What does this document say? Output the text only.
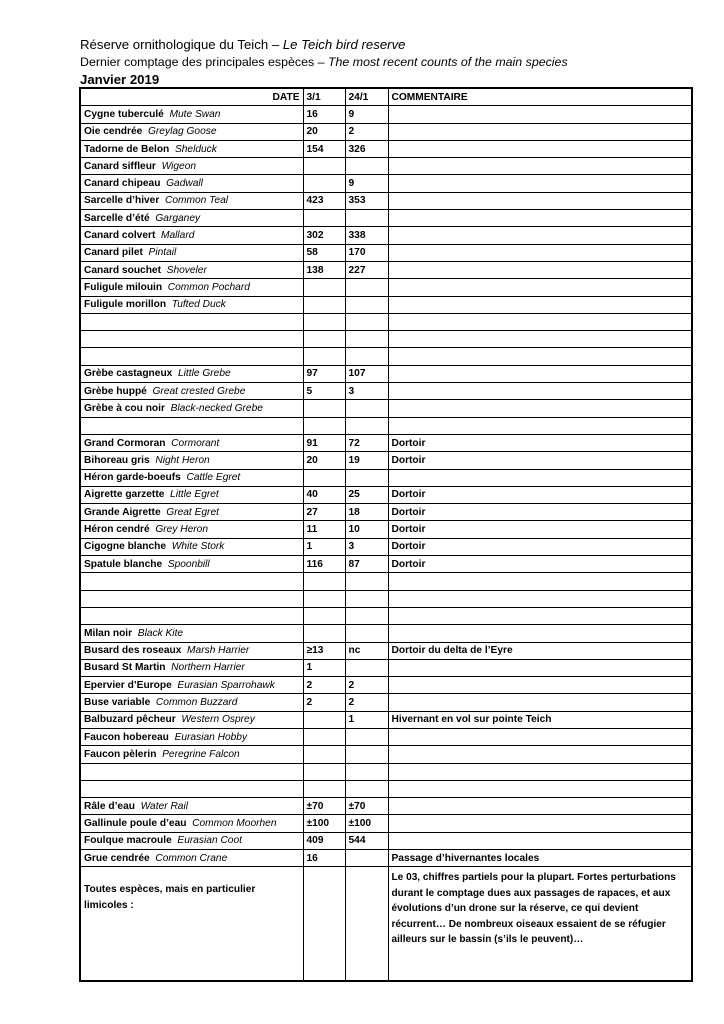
Réserve ornithologique du Teich – Le Teich bird reserve
Dernier comptage des principales espèces – The most recent counts of the main species
Janvier 2019
DATE	3/1	24/1	COMMENTAIRE
Cygne tuberculé  Mute Swan	16	9	
Oie cendrée  Greylag Goose	20	2	
Tadorne de Belon  Shelduck	154	326	
Canard siffleur  Wigeon			
Canard chipeau  Gadwall		9	
Sarcelle d’hiver  Common Teal	423	353	
Sarcelle d’été  Garganey			
Canard colvert  Mallard	302	338	
Canard pilet  Pintail	58	170	
Canard souchet  Shoveler	138	227	
Fuligule milouin  Common Pochard			
Fuligule morillon  Tufted Duck			

Grèbe castagneux  Little Grebe	97	107	
Grèbe huppé  Great crested Grebe	5	3	
Grèbe à cou noir  Black-necked Grebe			

Grand Cormoran  Cormorant	91	72	Dortoir
Bihoreau gris  Night Heron	20	19	Dortoir
Héron garde-boeufs  Cattle Egret			
Aigrette garzette  Little Egret	40	25	Dortoir
Grande Aigrette  Great Egret	27	18	Dortoir
Héron cendré  Grey Heron	11	10	Dortoir
Cigogne blanche  White Stork	1	3	Dortoir
Spatule blanche  Spoonbill	116	87	Dortoir

Milan noir  Black Kite			
Busard des roseaux  Marsh Harrier	≥13	nc	Dortoir du delta de l’Eyre
Busard St Martin  Northern Harrier	1		
Epervier d’Europe  Eurasian Sparrohawk	2	2	
Buse variable  Common Buzzard	2	2	
Balbuzard pêcheur  Western Osprey		1	Hivernant en vol sur pointe Teich
Faucon hobereau  Eurasian Hobby			
Faucon pèlerin  Peregrine Falcon			

Râle d’eau  Water Rail	±70	±70	
Gallinule poule d’eau  Common Moorhen	±100	±100	
Foulque macroule  Eurasian Coot	409	544	
Grue cendrée  Common Crane	16		Passage d’hivernantes locales
Toutes espèces, mais en particulier limicoles :			Le 03, chiffres partiels pour la plupart. Fortes perturbations durant le comptage dues aux passages de rapaces, et aux évolutions d’un drone sur la réserve, ce qui devient récurrent… De nombreux oiseaux essaient de se réfugier ailleurs sur le bassin (s’ils le peuvent)…
